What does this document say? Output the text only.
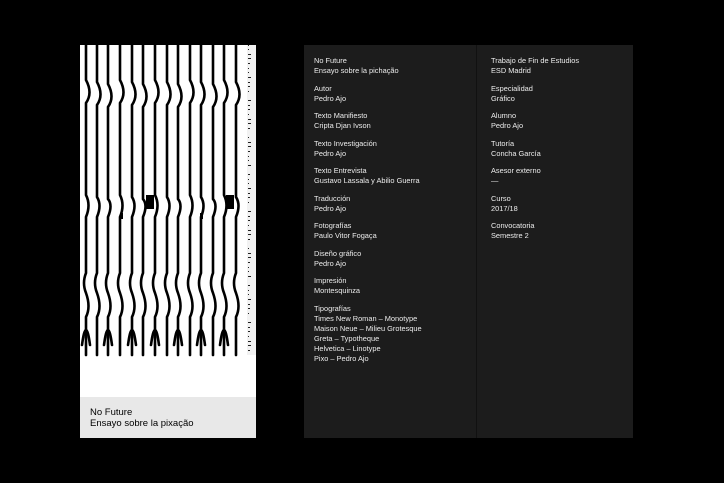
No Future
Ensayo sobre la pixação
Pedro Ajo
No Future
Ensayo sobre la pichação
Autor
Pedro Ajo
Texto Manifiesto
Cripta Djan Ivson
Texto Investigación
Pedro Ajo
Texto Entrevista
Gustavo Lassala y Abilio Guerra
Traducción
Pedro Ajo
Fotografías
Paulo Vitor Fogaça
Diseño gráfico
Pedro Ajo
Impresión
Montesquinza
Tipografías
Times New Roman – Monotype
Maison Neue – Milieu Grotesque
Greta – Typotheque
Helvetica – Linotype
Pixo – Pedro Ajo
Trabajo de Fin de Estudios
ESD Madrid
Especialidad
Gráfico
Alumno
Pedro Ajo
Tutoría
Concha García
Asesor externo
—
Curso
2017/18
Convocatoria
Semestre 2
